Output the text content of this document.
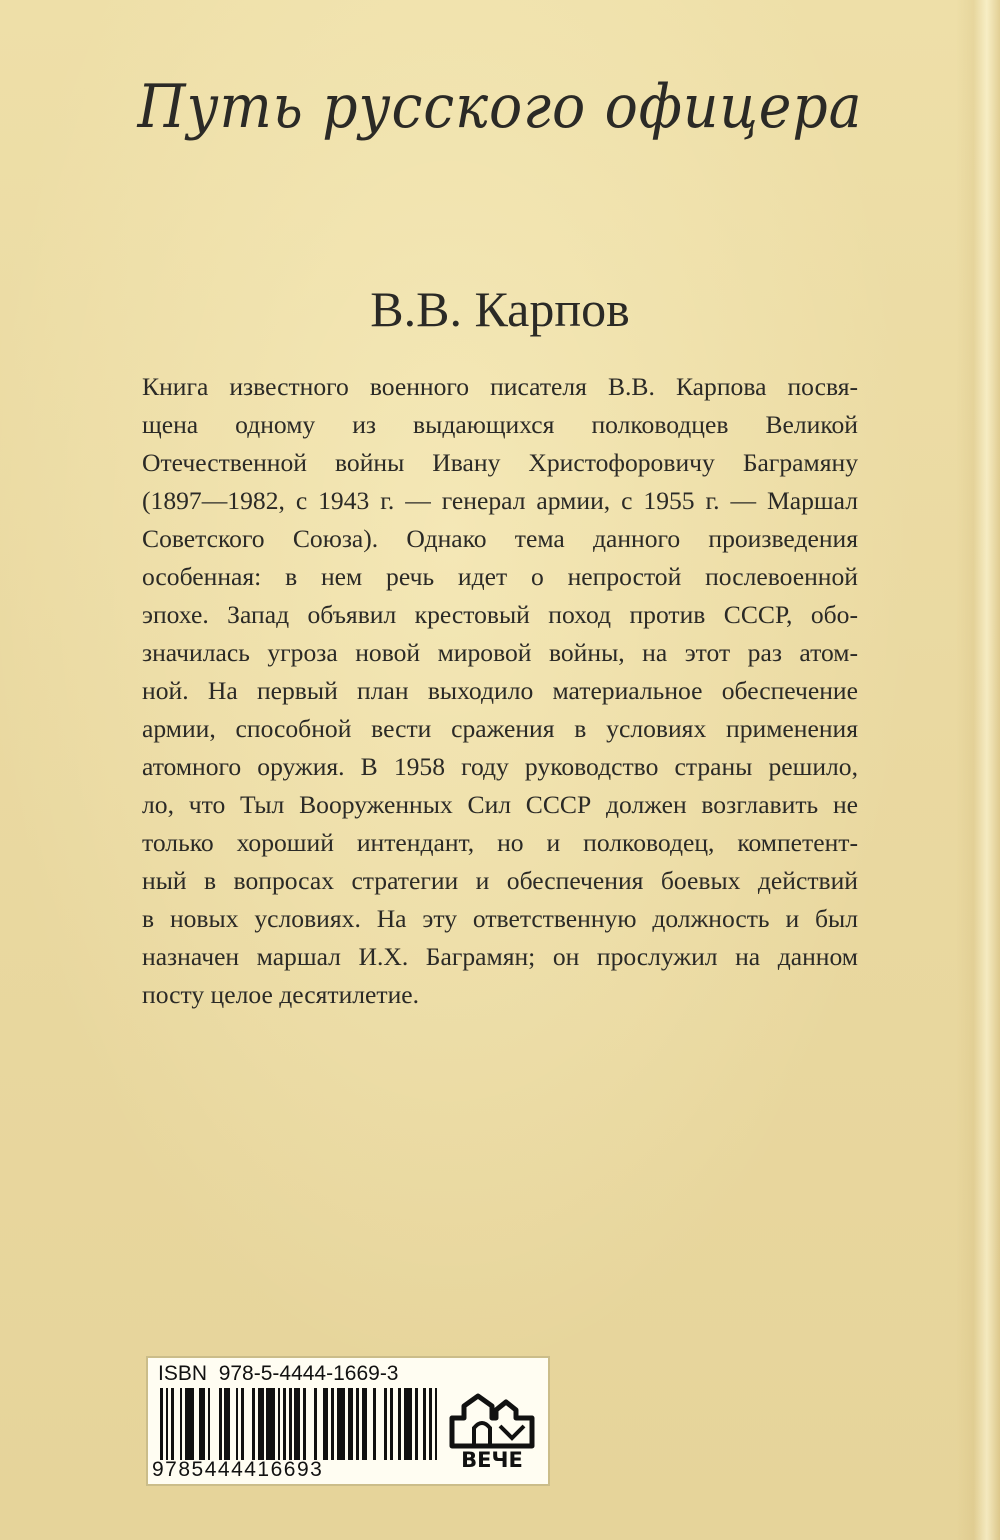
Путь русского офицера
В.В. Карпов
Книга известного военного писателя В.В. Карпова посвя-
щена одному из выдающихся полководцев Великой
Отечественной войны Ивану Христофоровичу Баграмяну
(1897—1982, с 1943 г. — генерал армии, с 1955 г. — Маршал
Советского Союза). Однако тема данного произведения
особенная: в нем речь идет о непростой послевоенной
эпохе. Запад объявил крестовый поход против СССР, обо-
значилась угроза новой мировой войны, на этот раз атом-
ной. На первый план выходило материальное обеспечение
армии, способной вести сражения в условиях применения
атомного оружия. В 1958 году руководство страны решило,
ло, что Тыл Вооруженных Сил СССР должен возглавить не
только хороший интендант, но и полководец, компетент-
ный в вопросах стратегии и обеспечения боевых действий
в новых условиях. На эту ответственную должность и был
назначен маршал И.Х. Баграмян; он прослужил на данном
посту целое десятилетие.
ISBN 978-5-4444-1669-3
9785444416693	ВЕЧЕ
